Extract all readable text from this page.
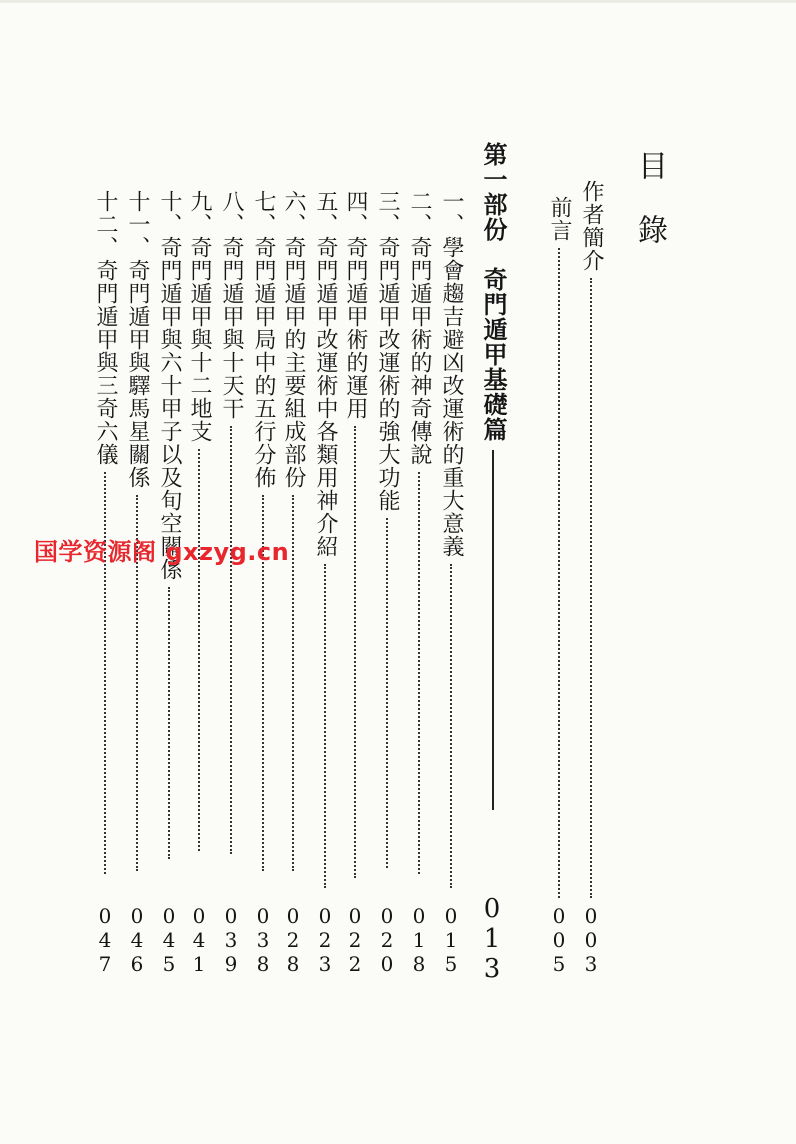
目
錄
作者簡介
0
0
3
前言
0
0
5
第一部份　奇門遁甲基礎篇
0
1
3
一、學會趨吉避凶改運術的重大意義
0
1
5
二、奇門遁甲術的神奇傳說
0
1
8
三、奇門遁甲改運術的強大功能
0
2
0
四、奇門遁甲術的運用
0
2
2
五、奇門遁甲改運術中各類用神介紹
0
2
3
六、奇門遁甲的主要組成部份
0
2
8
七、奇門遁甲局中的五行分佈
0
3
8
八、奇門遁甲與十天干
0
3
9
九、奇門遁甲與十二地支
0
4
1
十、奇門遁甲與六十甲子以及旬空關係
0
4
5
十一、奇門遁甲與驛馬星關係
0
4
6
十二、奇門遁甲與三奇六儀
0
4
7
国学资源阁 gxzyg.cn
